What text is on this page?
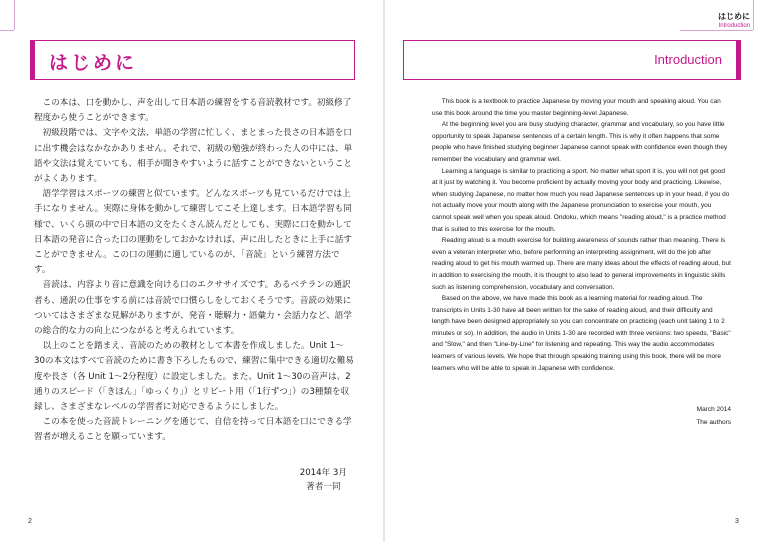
はじめに

この本は、口を動かし、声を出して日本語の練習をする音読教材です。初級修了程度から使うことができます。

初級段階では、文字や文法、単語の学習に忙しく、まとまった長さの日本語を口に出す機会はなかなかありません。それで、初級の勉強が終わった人の中には、単語や文法は覚えていても、相手が聞きやすいように話すことができないということがよくあります。

語学学習はスポーツの練習と似ています。どんなスポーツも見ているだけでは上手になりません。実際に身体を動かして練習してこそ上達します。日本語学習も同様で、いくら頭の中で日本語の文をたくさん読んだとしても、実際に口を動かして日本語の発音に合った口の運動をしておかなければ、声に出したときに上手に話すことができません。この口の運動に適しているのが、「音読」という練習方法です。

音読は、内容より音に意識を向ける口のエクササイズです。あるベテランの通訳者も、通訳の仕事をする前には音読で口慣らしをしておくそうです。音読の効果についてはさまざまな見解がありますが、発音・聴解力・語彙力・会話力など、語学の総合的な力の向上につながると考えられています。

以上のことを踏まえ、音読のための教材として本書を作成しました。Unit 1～30の本文はすべて音読のために書き下ろしたもので、練習に集中できる適切な難易度や長さ（各 Unit 1～2分程度）に設定しました。また、Unit 1～30の音声は、2通りのスピード（「きほん」「ゆっくり」）とリピート用（「1行ずつ」）の3種類を収録し、さまざまなレベルの学習者に対応できるようにしました。

この本を使った音読トレーニングを通じて、自信を持って日本語を口にできる学習者が増えることを願っています。

2014年 3月
著者一同
2
はじめに
Introduction
Introduction

This book is a textbook to practice Japanese by moving your mouth and speaking aloud. You can use this book around the time you master beginning-level Japanese.

At the beginning level you are busy studying character, grammar and vocabulary, so you have little opportunity to speak Japanese sentences of a certain length. This is why it often happens that some people who have finished studying beginner Japanese cannot speak with confidence even though they remember the vocabulary and grammar well.

Learning a language is similar to practicing a sport. No matter what sport it is, you will not get good at it just by watching it. You become proficient by actually moving your body and practicing. Likewise, when studying Japanese, no matter how much you read Japanese sentences up in your head, if you do not actually move your mouth along with the Japanese pronunciation to exercise your mouth, you cannot speak well when you speak aloud. Ondoku, which means "reading aloud," is a practice method that is suited to this exercise for the mouth.

Reading aloud is a mouth exercise for building awareness of sounds rather than meaning. There is even a veteran interpreter who, before performing an interpreting assignment, will do the job after reading aloud to get his mouth warmed up. There are many ideas about the effects of reading aloud, but in addition to exercising the mouth, it is thought to also lead to general improvements in linguistic skills such as listening comprehension, vocabulary and conversation.

Based on the above, we have made this book as a learning material for reading aloud. The transcripts in Units 1-30 have all been written for the sake of reading aloud, and their difficulty and length have been designed appropriately so you can concentrate on practicing (each unit taking 1 to 2 minutes or so). In addition, the audio in Units 1-30 are recorded with three versions: two speeds, "Basic" and "Slow," and then "Line-by-Line" for listening and repeating. This way the audio accommodates learners of various levels. We hope that through speaking training using this book, there will be more learners who will be able to speak in Japanese with confidence.

March 2014
The authors
3
